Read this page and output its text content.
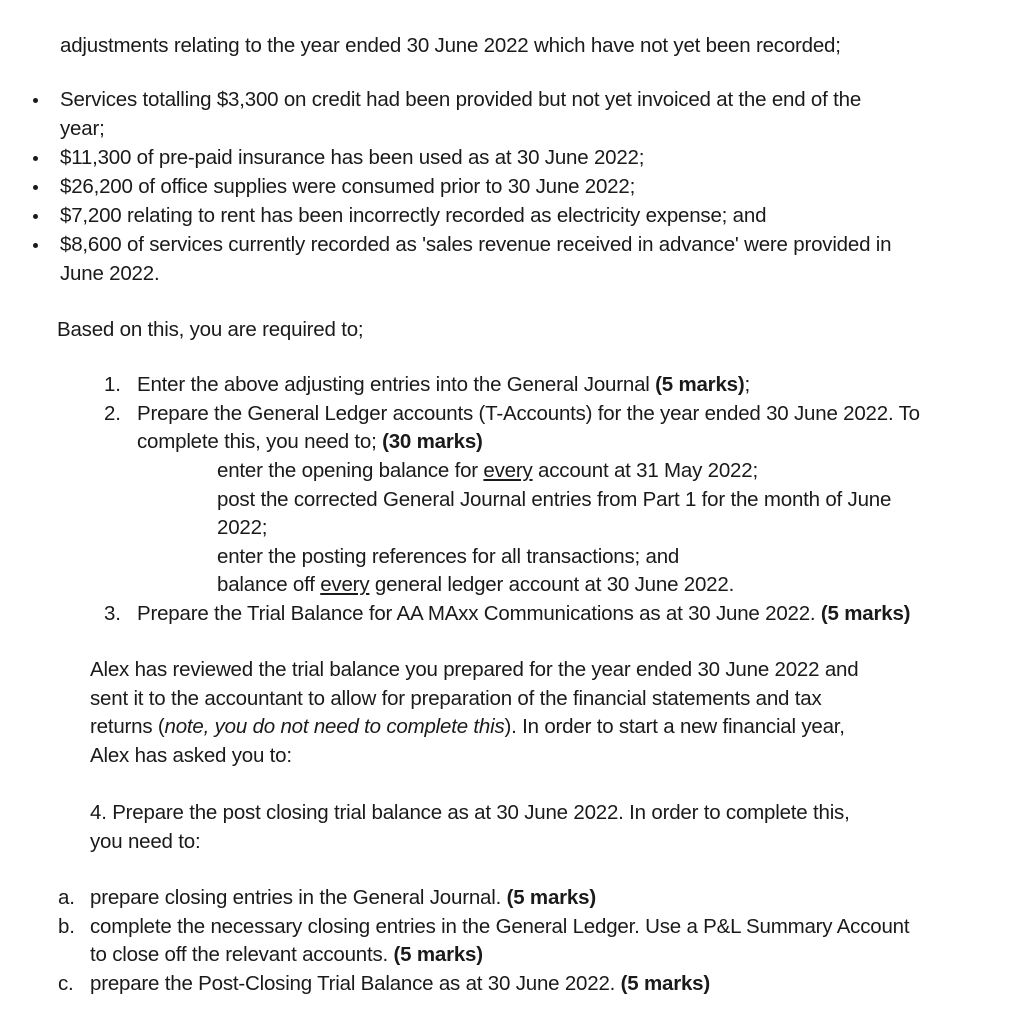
adjustments relating to the year ended 30 June 2022 which have not yet been recorded;
Services totalling $3,300 on credit had been provided but not yet invoiced at the end of the
year;
$11,300 of pre-paid insurance has been used as at 30 June 2022;
$26,200 of office supplies were consumed prior to 30 June 2022;
$7,200 relating to rent has been incorrectly recorded as electricity expense; and
$8,600 of services currently recorded as 'sales revenue received in advance' were provided in
June 2022.
Based on this, you are required to;
1. Enter the above adjusting entries into the General Journal (5 marks);
2. Prepare the General Ledger accounts (T-Accounts) for the year ended 30 June 2022. To
complete this, you need to; (30 marks)
enter the opening balance for every account at 31 May 2022;
post the corrected General Journal entries from Part 1 for the month of June
2022;
enter the posting references for all transactions; and
balance off every general ledger account at 30 June 2022.
3. Prepare the Trial Balance for AA MAxx Communications as at 30 June 2022. (5 marks)
Alex has reviewed the trial balance you prepared for the year ended 30 June 2022 and
sent it to the accountant to allow for preparation of the financial statements and tax
returns (note, you do not need to complete this). In order to start a new financial year,
Alex has asked you to:
4. Prepare the post closing trial balance as at 30 June 2022. In order to complete this,
you need to:
a. prepare closing entries in the General Journal. (5 marks)
b. complete the necessary closing entries in the General Ledger. Use a P&L Summary Account
to close off the relevant accounts. (5 marks)
c. prepare the Post-Closing Trial Balance as at 30 June 2022. (5 marks)
